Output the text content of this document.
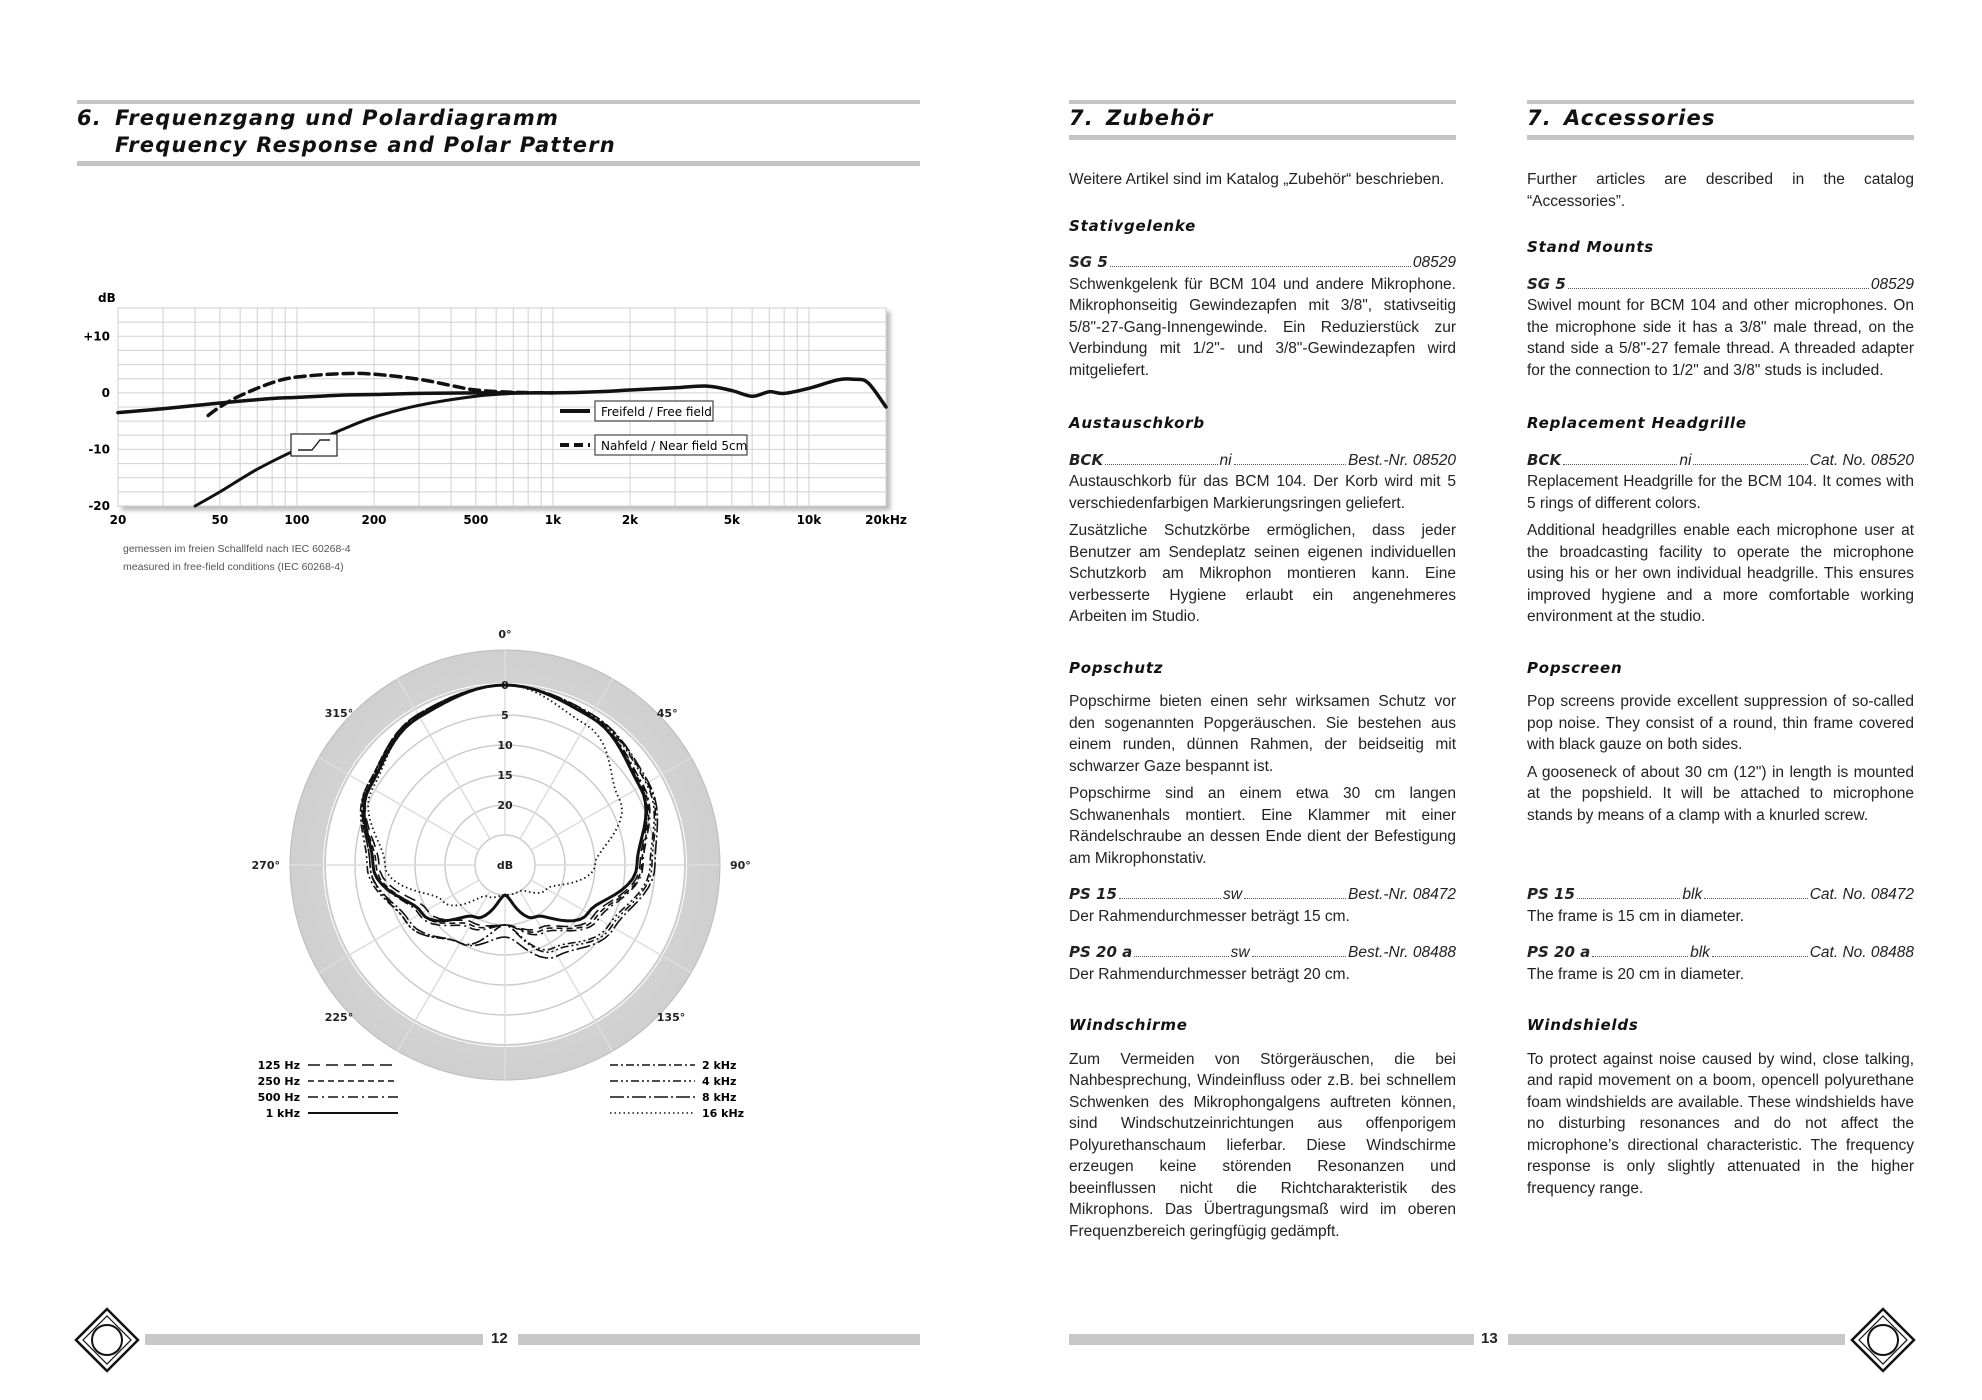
6. Frequenzgang und Polardiagramm
Frequency Response and Polar Pattern
+10
0
-10
-20
20	50	100	200	500	1k	2k	5k	10k	20kHz
Freifeld / Free field
Nahfeld / Near field 5cm
dB
gemessen im freien Schallfeld nach IEC 60268-4
measured in free-field conditions (IEC 60268-4)
0°
45°
90°
135°
225°
270°
315°
0
5
10
15
20
dB
125 Hz
250 Hz
500 Hz
1 kHz
2 kHz
4 kHz
8 kHz
16 kHz
12
7. Zubehör

Weitere Artikel sind im Katalog „Zubehör“ beschrieben.

Stativgelenke

SG 5	08529

Schwenkgelenk für BCM 104 und andere Mikrophone. Mikrophonseitig Gewindezapfen mit 3/8", stativseitig 5/8"-27-Gang-Innengewinde. Ein Reduzierstück zur Verbindung mit 1/2"- und 3/8"-Gewindezapfen wird mitgeliefert.

Austauschkorb

BCK	ni	Best.-Nr. 08520

Austauschkorb für das BCM 104. Der Korb wird mit 5 verschiedenfarbigen Markierungsringen geliefert.

Zusätzliche Schutzkörbe ermöglichen, dass jeder Benutzer am Sendeplatz seinen eigenen individuellen Schutzkorb am Mikrophon montieren kann. Eine verbesserte Hygiene erlaubt ein angenehmeres Arbeiten im Studio.

Popschutz

Popschirme bieten einen sehr wirksamen Schutz vor den sogenannten Popgeräuschen. Sie bestehen aus einem runden, dünnen Rahmen, der beidseitig mit schwarzer Gaze bespannt ist.

Popschirme sind an einem etwa 30 cm langen Schwanenhals montiert. Eine Klammer mit einer Rändelschraube an dessen Ende dient der Befestigung am Mikrophonstativ.

PS 15	sw	Best.-Nr. 08472

Der Rahmendurchmesser beträgt 15 cm.

PS 20 a	sw	Best.-Nr. 08488

Der Rahmendurchmesser beträgt 20 cm.

Windschirme

Zum Vermeiden von Störgeräuschen, die bei Nahbesprechung, Windeinfluss oder z.B. bei schnellem Schwenken des Mikrophongalgens auftreten können, sind Windschutzeinrichtungen aus offenporigem Polyurethanschaum lieferbar. Diese Windschirme erzeugen keine störenden Resonanzen und beeinflussen nicht die Richtcharakteristik des Mikrophons. Das Übertragungsmaß wird im oberen Frequenzbereich geringfügig gedämpft.

7. Accessories

Further articles are described in the catalog “Accessories”.

Stand Mounts

SG 5	08529

Swivel mount for BCM 104 and other microphones. On the microphone side it has a 3/8" male thread, on the stand side a 5/8"-27 female thread. A threaded adapter for the connection to 1/2" and 3/8" studs is included.

Replacement Headgrille

BCK	ni	Cat. No. 08520

Replacement Headgrille for the BCM 104. It comes with 5 rings of different colors.

Additional headgrilles enable each microphone user at the broadcasting facility to operate the microphone using his or her own individual headgrille. This ensures improved hygiene and a more comfortable working environment at the studio.

Popscreen

Pop screens provide excellent suppression of so-called pop noise. They consist of a round, thin frame covered with black gauze on both sides.

A gooseneck of about 30 cm (12") in length is mounted at the popshield. It will be attached to microphone stands by means of a clamp with a knurled screw.

PS 15	blk	Cat. No. 08472

The frame is 15 cm in diameter.

PS 20 a	blk	Cat. No. 08488

The frame is 20 cm in diameter.

Windshields

To protect against noise caused by wind, close talking, and rapid movement on a boom, opencell polyurethane foam windshields are available. These windshields have no disturbing resonances and do not affect the microphone’s directional characteristic. The frequency response is only slightly attenuated in the higher frequency range.

13
